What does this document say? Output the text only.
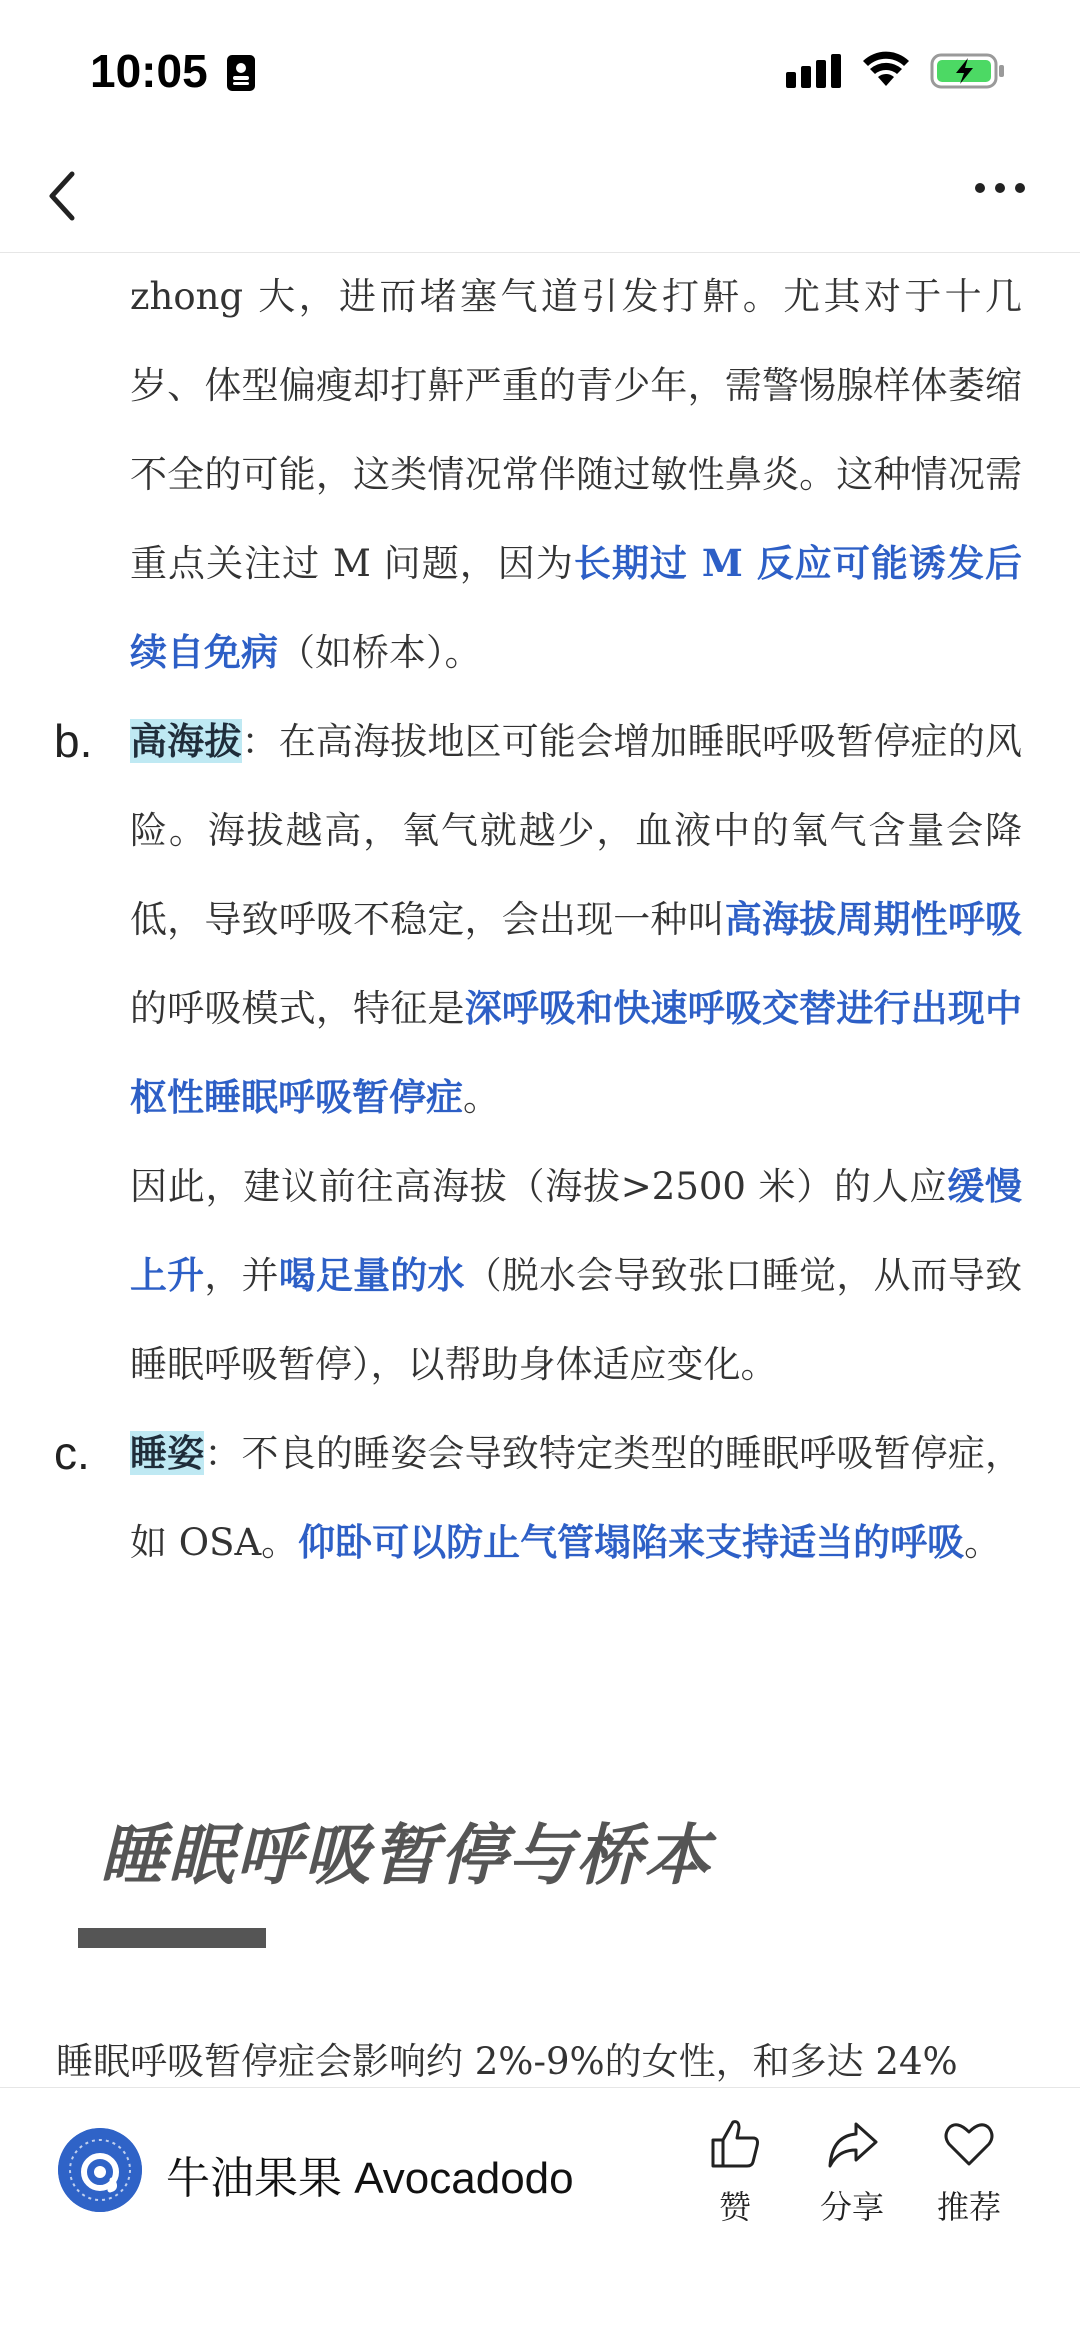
10:05
zhong 大，进而堵塞气道引发打鼾。尤其对于十几岁、体型偏瘦却打鼾严重的青少年，需警惕腺样体萎缩不全的可能，这类情况常伴随过敏性鼻炎。这种情况需重点关注过 M 问题，因为长期过 M 反应可能诱发后续自免病（如桥本）。
b. 高海拔：在高海拔地区可能会增加睡眠呼吸暂停症的风险。海拔越高，氧气就越少，血液中的氧气含量会降低，导致呼吸不稳定，会出现一种叫高海拔周期性呼吸的呼吸模式，特征是深呼吸和快速呼吸交替进行出现中枢性睡眠呼吸暂停症。
因此，建议前往高海拔（海拔>2500 米）的人应缓慢上升，并喝足量的水（脱水会导致张口睡觉，从而导致睡眠呼吸暂停），以帮助身体适应变化。
c. 睡姿：不良的睡姿会导致特定类型的睡眠呼吸暂停症，如 OSA。仰卧可以防止气管塌陷来支持适当的呼吸。
睡眠呼吸暂停与桥本
睡眠呼吸暂停症会影响约 2%-9%的女性，和多达 24%
牛油果果 Avocadodo
赞	分享	推荐
